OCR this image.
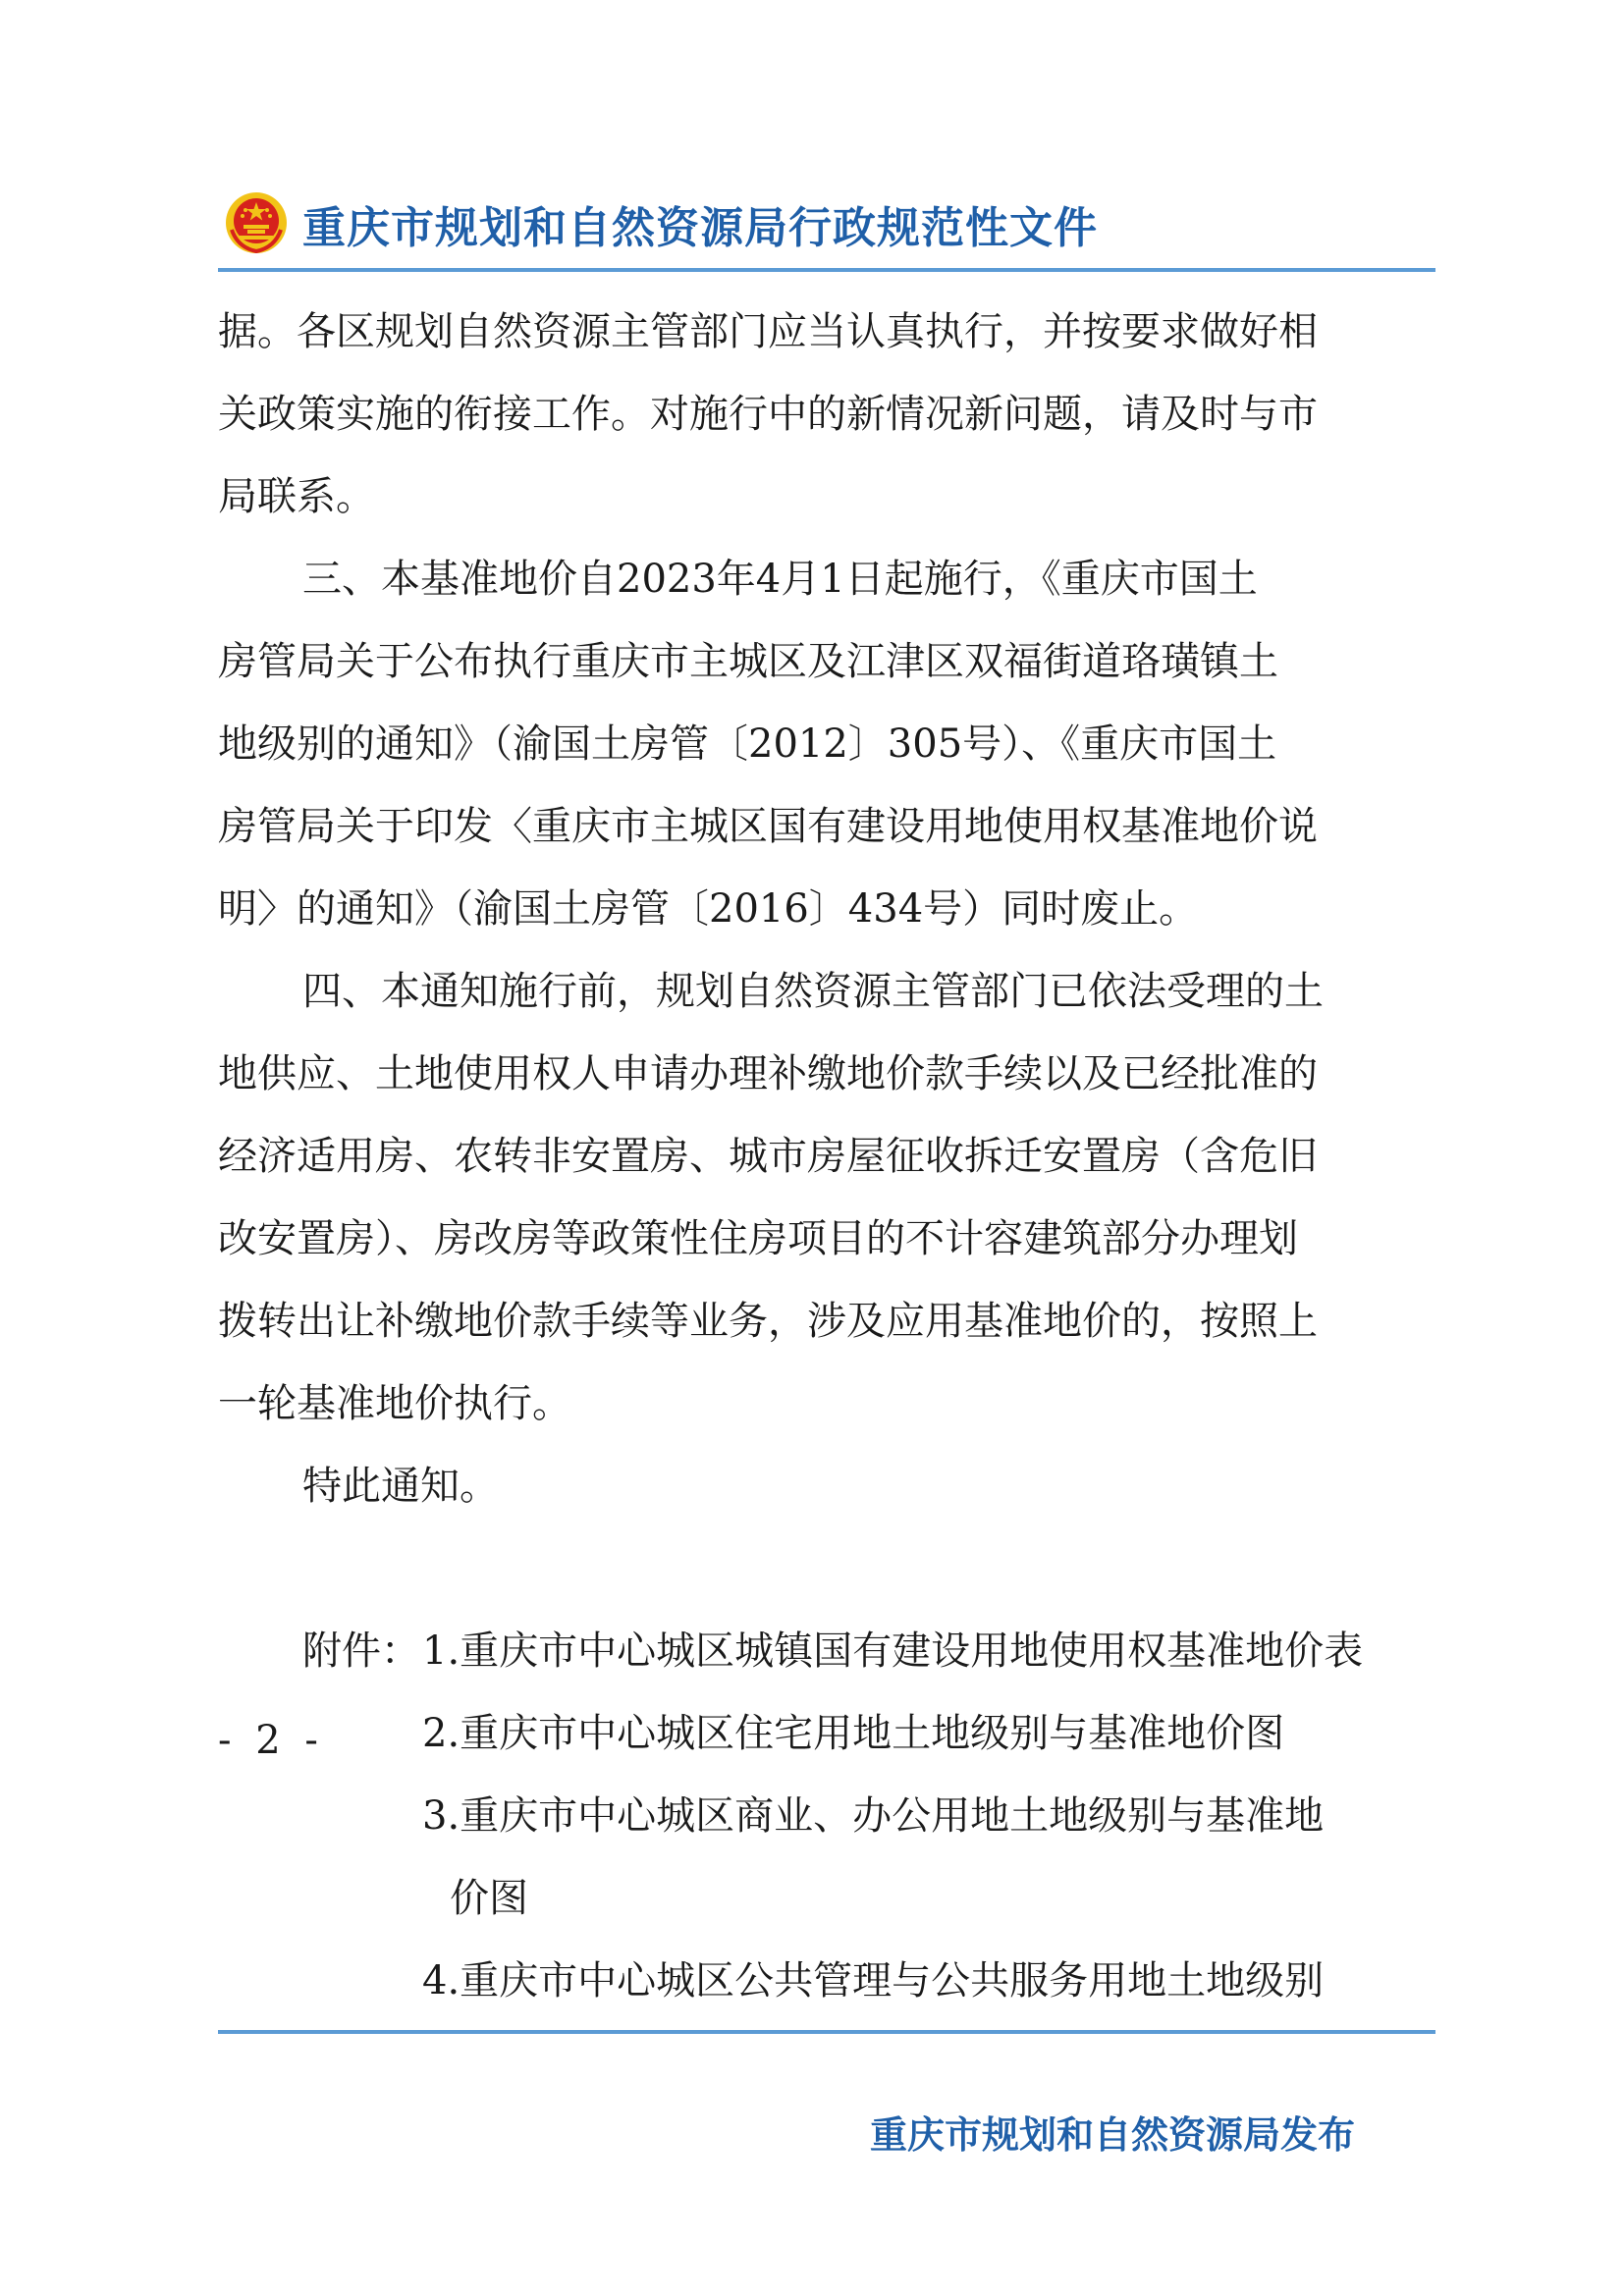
重庆市规划和自然资源局行政规范性文件
据。各区规划自然资源主管部门应当认真执行，并按要求做好相
关政策实施的衔接工作。对施行中的新情况新问题，请及时与市
局联系。
三、本基准地价自2023年4月1日起施行，《重庆市国土
房管局关于公布执行重庆市主城区及江津区双福街道珞璜镇土
地级别的通知》（渝国土房管〔2012〕305号）、《重庆市国土
房管局关于印发〈重庆市主城区国有建设用地使用权基准地价说
明〉的通知》（渝国土房管〔2016〕434号）同时废止。
四、本通知施行前，规划自然资源主管部门已依法受理的土
地供应、土地使用权人申请办理补缴地价款手续以及已经批准的
经济适用房、农转非安置房、城市房屋征收拆迁安置房（含危旧
改安置房）、房改房等政策性住房项目的不计容建筑部分办理划
拨转出让补缴地价款手续等业务，涉及应用基准地价的，按照上
一轮基准地价执行。
特此通知。
附件：1.重庆市中心城区城镇国有建设用地使用权基准地价表
2.重庆市中心城区住宅用地土地级别与基准地价图
3.重庆市中心城区商业、办公用地土地级别与基准地
价图
4.重庆市中心城区公共管理与公共服务用地土地级别
- 2 -
重庆市规划和自然资源局发布
